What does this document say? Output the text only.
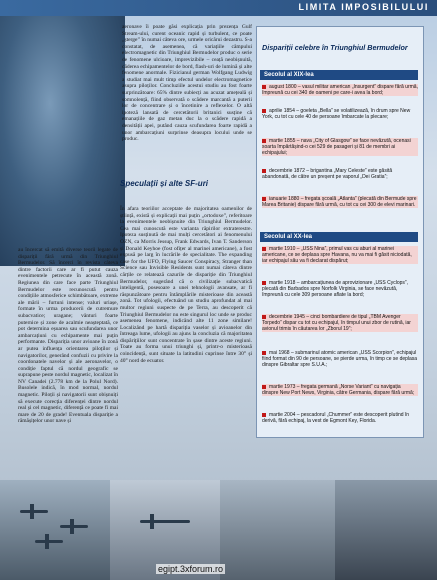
LIMITA IMPOSIBILULUI

aeronave îi poate găsi explicația prin prezența Gulf Stream-ului, curent oceanic rapid și turbulent, ce poate „șterge” în numai câteva ore, urmele oricărui dezastru. S-a constatat, de asemenea, că variațiile câmpului electromagnetic din Triunghiul Bermudelor produc o serie de fenomene ulcioare, imprevizibile – ceață neobișnuită, căderea echipamentelor de bord, flash-uri de lumină și alte fenomene anormale. Fizicianul german Wolfgang Ludwig a studiat mai mult timp efectul undelor electromagnetice asupra piloților. Concluziile acestui studiu au fost foarte surprinzătoare: 65% dintre subiecți au acuzat amețeală și somnolență, fiind observată o scădere marcantă a puterii lor de concentrare și o încetinire a reflexelor. O altă ipoteză lansată de cercetătorii britanici susține că emanațiile de gaz metan duc la o scădere rapidă a densității apei, putând cauza scufundarea foarte rapidă a unor ambarcațiuni surprinse deasupra locului unde se produc.

Speculații și alte SF-uri

În afara teoriilor acceptate de majoritatea oamenilor de știință, există și explicații mai puțin „ortodoxe”, referitoare la evenimentele neobișnuite din Triunghiul Bermudelor. Cea mai cunoscută este varianta răpirilor extraterestre. Ipoteza susținută de mai mulți cercetători ai fenomenului OZN, ca Morris Jessup, Frank Edwards, Ivan T. Sanderson și Donald Keyhoe (fost ofițer al marinei americane), a fost expusă pe larg în lucrările de specialitate. The expanding case for the UFO, Flying Saucer Conspiracy, Stranger than Science sau Invisible Residents sunt numai câteva dintre cărțile ce relatează cazurile de dispariție din Triunghiul Bermudelor, sugerând că o civilizație subacvatică inteligentă, posesoare a unei tehnologii avansate, ar fi răspunzătoare pentru întâmplările misterioase din această zonă. Tot ufologii, efectuând un studiu aprofundat al mai multor regiuni suspecte de pe Terra, au descoperit că Triunghiul Bermudelor nu este singurul loc unde se produc asemenea fenomene, indicând alte 11 zone similare! Localizând pe hartă dispariția vaselor și avioanelor din întreaga lume, ufologii au ajuns la concluzia că majoritatea dispărițiilor sunt concentrate în șase dintre aceste regiuni. Toate au forma unui triunghi și, printr-o misterioasă coincidență, sunt situate la latitudini cuprinse între 30° și 40° nord de ecuator.

au încercat să emită diverse teorii legate de dispariții fără urmă din Triunghiul Bermudelor. Să încerci în revista câteva dintre factorii care ar fi putut cauza evenimentele petrecute în această zonă. Regiunea din care face parte Triunghiul Bermudelor este recunoscută pentru condițiile atmosferice schimbătoare, extreme ale mării – furtuni intense; valuri uriașe, formate în urma producerii de cutremure subacvatice; uragane; vânturi foarte puternice și zone de acalmie neașteptată, ce pot determina eșuarea sau scufundarea unor ambarcațiuni cu echipamente mai puțin performante. Dispariția unor avioane în zonă ar putea influența orientarea piloților și navigatorilor, generând confuzii cu privire la coordonatele navelor și ale aeronavelor, o condiție faptul că nordul geografic se suprapune peste nordul magnetic, localizat în NV Canadei (2.778 km de la Polul Nord). Busolele indică, în mod normal, nordul magnetic. Piloții și navigatorii sunt obișnuiți să execute corecția diferenței dintre nordul real și cel magnetic, diferență ce poate fi mai mare de 20 de grade! Eventuala dispariție a rămășițelor unor nave și

Dispariții celebre în Triunghiul Bermudelor
Secolul al XIX-lea
august 1800 – vasul militar american „Insurgent” dispare fără urmă, împreună cu cei 340 de oameni pe care-i avea la bord;
aprilie 1854 – goeleta „Bella” se volatilizează, în drum spre New York, cu tot cu cele 40 de persoane îmbarcate la plecare;
martie 1855 – nava „City of Glasgow” se face nevăzută, ocenasi soarta împărtășind-o cei 529 de pasageri și 81 de membri ai echipajului;
decembrie 1872 – brigantina „Mary Celeste” este găsită abandonată, de către un preșent pe vaporul „Dei Gratia”;
ianuarie 1880 – fregata școală „Atlanta” (plecată din Bermude spre Marea Britanie) dispare fără urmă, cu tot cu cei 300 de elevi marinari.
Secolul al XX-lea
martie 1910 – „USS Nina”, primul vas cu aburi al marinei americane, ce se deplasa spre Havana, nu va mai fi găsit niciodată, iar echipajul său va fi declarat dispărut;
martie 1918 – ambarcațiunea de aprovizionare „USS Cyclops”, plecată din Barbados spre Norfolk Virginia, se face nevăzută, împreună cu cele 309 persoane aflate la bord;
decembrie 1945 – cinci bombardiere de tipul „TBM Avenger Torpedo” dispar cu tot cu echipajul, în timpul unui zbor de rutină, iar avionul trimis în căutarea lor „Zborul 19”;
mai 1968 – submarinul atomic american „USS Scorpion”, echipajul fiind format din 90 de persoane, se pierde urma, în timp ce se deplasa dinspre Gibraltar spre S.U.A.;
martie 1973 – fregata germană „Norse Variant” cu navigația dinspre New Port News, Virginia, către Germania, dispare fără urmă;
martie 2004 – pescadorul „Chummer” este descoperit plutind în derivă, fără echipaj, la vest de Egmont Key, Florida.
egipt.3xforum.ro
